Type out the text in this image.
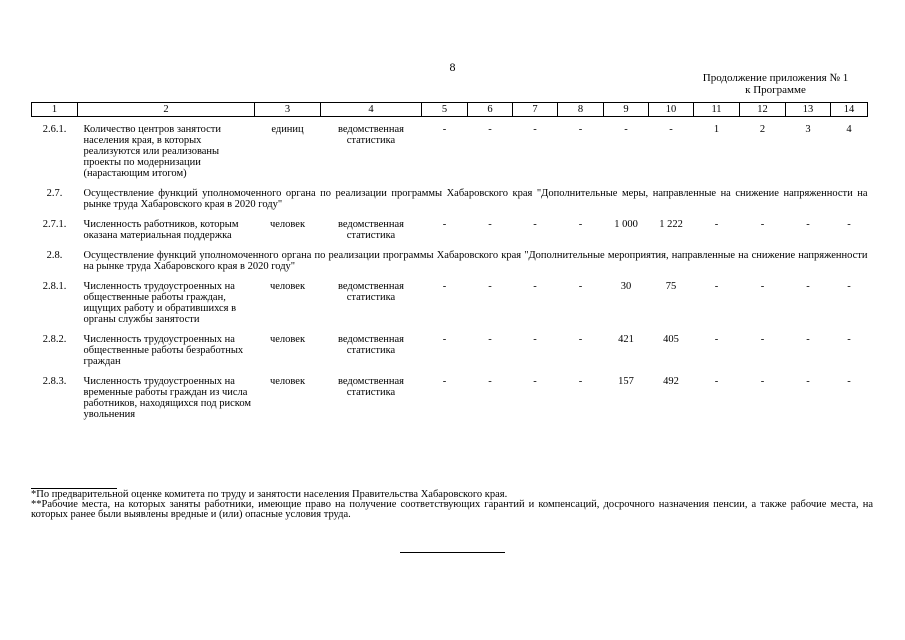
8
Продолжение приложения № 1
к Программе
1	2	3	4	5	6	7	8	9	10	11	12	13	14
2.6.1.	Количество центров занятости населения края, в которых реализуются или реализованы проекты по модернизации (нарастающим итогом)	единиц	ведомственная статистика	-	-	-	-	-	-	1	2	3	4
2.7.	Осуществление функций уполномоченного органа по реализации программы Хабаровского края "Дополнительные меры, направленные на снижение напряженности на рынке труда Хабаровского края в 2020 году"												
2.7.1.	Численность работников, которым оказана материальная поддержка	человек	ведомственная статистика	-	-	-	-	1 000	1 222	-	-	-	-
2.8.	Осуществление функций уполномоченного органа по реализации программы Хабаровского края "Дополнительные мероприятия, направленные на снижение напряженности на рынке труда Хабаровского края в 2020 году"												
2.8.1.	Численность трудоустроенных на общественные работы граждан, ищущих работу и обратившихся в органы службы занятости	человек	ведомственная статистика	-	-	-	-	30	75	-	-	-	-
2.8.2.	Численность трудоустроенных на общественные работы безработных граждан	человек	ведомственная статистика	-	-	-	-	421	405	-	-	-	-
2.8.3.	Численность трудоустроенных на временные работы граждан из числа работников, находящихся под риском увольнения	человек	ведомственная статистика	-	-	-	-	157	492	-	-	-	-
*По предварительной оценке комитета по труду и занятости населения Правительства Хабаровского края.
**Рабочие места, на которых заняты работники, имеющие право на получение соответствующих гарантий и компенсаций, досрочного назначения пенсии, а также рабочие места, на которых ранее были выявлены вредные и (или) опасные условия труда.
